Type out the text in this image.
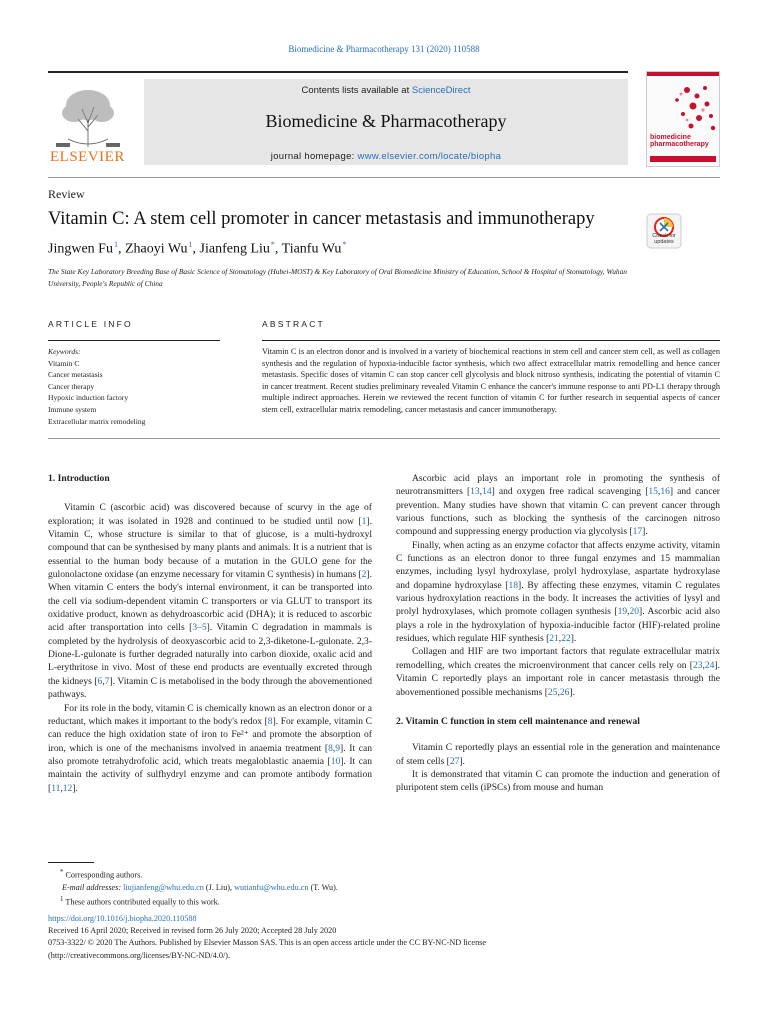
Biomedicine & Pharmacotherapy 131 (2020) 110588
ELSEVIER
Contents lists available at ScienceDirect
Biomedicine & Pharmacotherapy
journal homepage: www.elsevier.com/locate/biopha
biomedicine pharmacotherapy
Review
Vitamin C: A stem cell promoter in cancer metastasis and immunotherapy
Check for updates
Jingwen Fu$^1$, Zhaoyi Wu$^1$, Jianfeng Liu*, Tianfu Wu*
The State Key Laboratory Breeding Base of Basic Science of Stomatology (Hubei-MOST) & Key Laboratory of Oral Biomedicine Ministry of Education, School & Hospital of Stomatology, Wuhan University, People's Republic of China
ARTICLE INFO	ABSTRACT
Keywords:
Vitamin C
Cancer metastasis
Cancer therapy
Hypoxic induction factory
Immune system
Extracellular matrix remodeling
Vitamin C is an electron donor and is involved in a variety of biochemical reactions in stem cell and cancer stem cell, as well as collagen synthesis and the regulation of hypoxia-inducible factor synthesis, which two affect extracellular matrix remodelling and hence cancer metastasis. Specific doses of vitamin C can stop cancer cell glycolysis and block nitroso synthesis, indicating the potential of vitamin C in cancer treatment. Recent studies preliminary revealed Vitamin C enhance the cancer's immune response to anti PD-L1 therapy through multiple indirect approaches. Herein we reviewed the recent function of vitamin C for further research in sequential aspects of cancer stem cell, extracellular matrix remodeling, cancer metastasis and cancer immunotherapy.
1. Introduction

Vitamin C (ascorbic acid) was discovered because of scurvy in the age of exploration; it was isolated in 1928 and continued to be studied until now [1]. Vitamin C, whose structure is similar to that of glucose, is a multi-hydroxyl compound that can be synthesised by many plants and animals. It is a nutrient that is essential to the human body because of a mutation in the GULO gene for the gulonolactone oxidase (an enzyme necessary for vitamin C synthesis) in humans [2]. When vitamin C enters the body's internal environment, it can be transported into the cell via sodium-dependent vitamin C transporters or via GLUT to transport its oxidative product, known as dehydroascorbic acid (DHA); it is reduced to ascorbic acid after transportation into cells [3–5]. Vitamin C degradation in mammals is completed by the hydrolysis of deoxyascorbic acid to 2,3-diketone-L-gulonate. 2,3-Dione-L-gulonate is further degraded naturally into carbon dioxide, oxalic acid and L-erythritose in vivo. Most of these end products are eventually excreted through the kidneys [6,7]. Vitamin C is metabolised in the body through the abovementioned pathways.

For its role in the body, vitamin C is chemically known as an electron donor or a reductant, which makes it important to the body's redox [8]. For example, vitamin C can reduce the high oxidation state of iron to Fe²⁺ and promote the absorption of iron, which is one of the mechanisms involved in anaemia treatment [8,9]. It can also promote tetrahydrofolic acid, which treats megaloblastic anaemia [10]. It can maintain the activity of sulfhydryl enzyme and can promote antibody formation [11,12].

Ascorbic acid plays an important role in promoting the synthesis of neurotransmitters [13,14] and oxygen free radical scavenging [15,16] and cancer prevention. Many studies have shown that vitamin C can prevent cancer through various functions, such as blocking the synthesis of the carcinogen nitroso compound and suppressing energy production via glycolysis [17].

Finally, when acting as an enzyme cofactor that affects enzyme activity, vitamin C functions as an electron donor to three fungal enzymes and 15 mammalian enzymes, including lysyl hydroxylase, prolyl hydroxylase, aspartate hydroxylase and dopamine hydroxylase [18]. By affecting these enzymes, vitamin C regulates various hydroxylation reactions in the body. It increases the activities of lysyl and prolyl hydroxylases, which promote collagen synthesis [19,20]. Ascorbic acid also plays a role in the hydroxylation of hypoxia-inducible factor (HIF)-related proline residues, which regulate HIF synthesis [21,22].

Collagen and HIF are two important factors that regulate extracellular matrix remodelling, which creates the microenvironment that cancer cells rely on [23,24]. Vitamin C reportedly plays an important role in cancer metastasis through the abovementioned possible mechanisms [25,26].

2. Vitamin C function in stem cell maintenance and renewal

Vitamin C reportedly plays an essential role in the generation and maintenance of stem cells [27].

It is demonstrated that vitamin C can promote the induction and generation of pluripotent stem cells (iPSCs) from mouse and human

* Corresponding authors.
E-mail addresses: liujianfeng@whu.edu.cn (J. Liu), wutianfu@whu.edu.cn (T. Wu).
$^1$ These authors contributed equally to this work.
https://doi.org/10.1016/j.biopha.2020.110588
Received 16 April 2020; Received in revised form 26 July 2020; Accepted 28 July 2020
0753-3322/ © 2020 The Authors. Published by Elsevier Masson SAS. This is an open access article under the CC BY-NC-ND license
(http://creativecommons.org/licenses/BY-NC-ND/4.0/).
